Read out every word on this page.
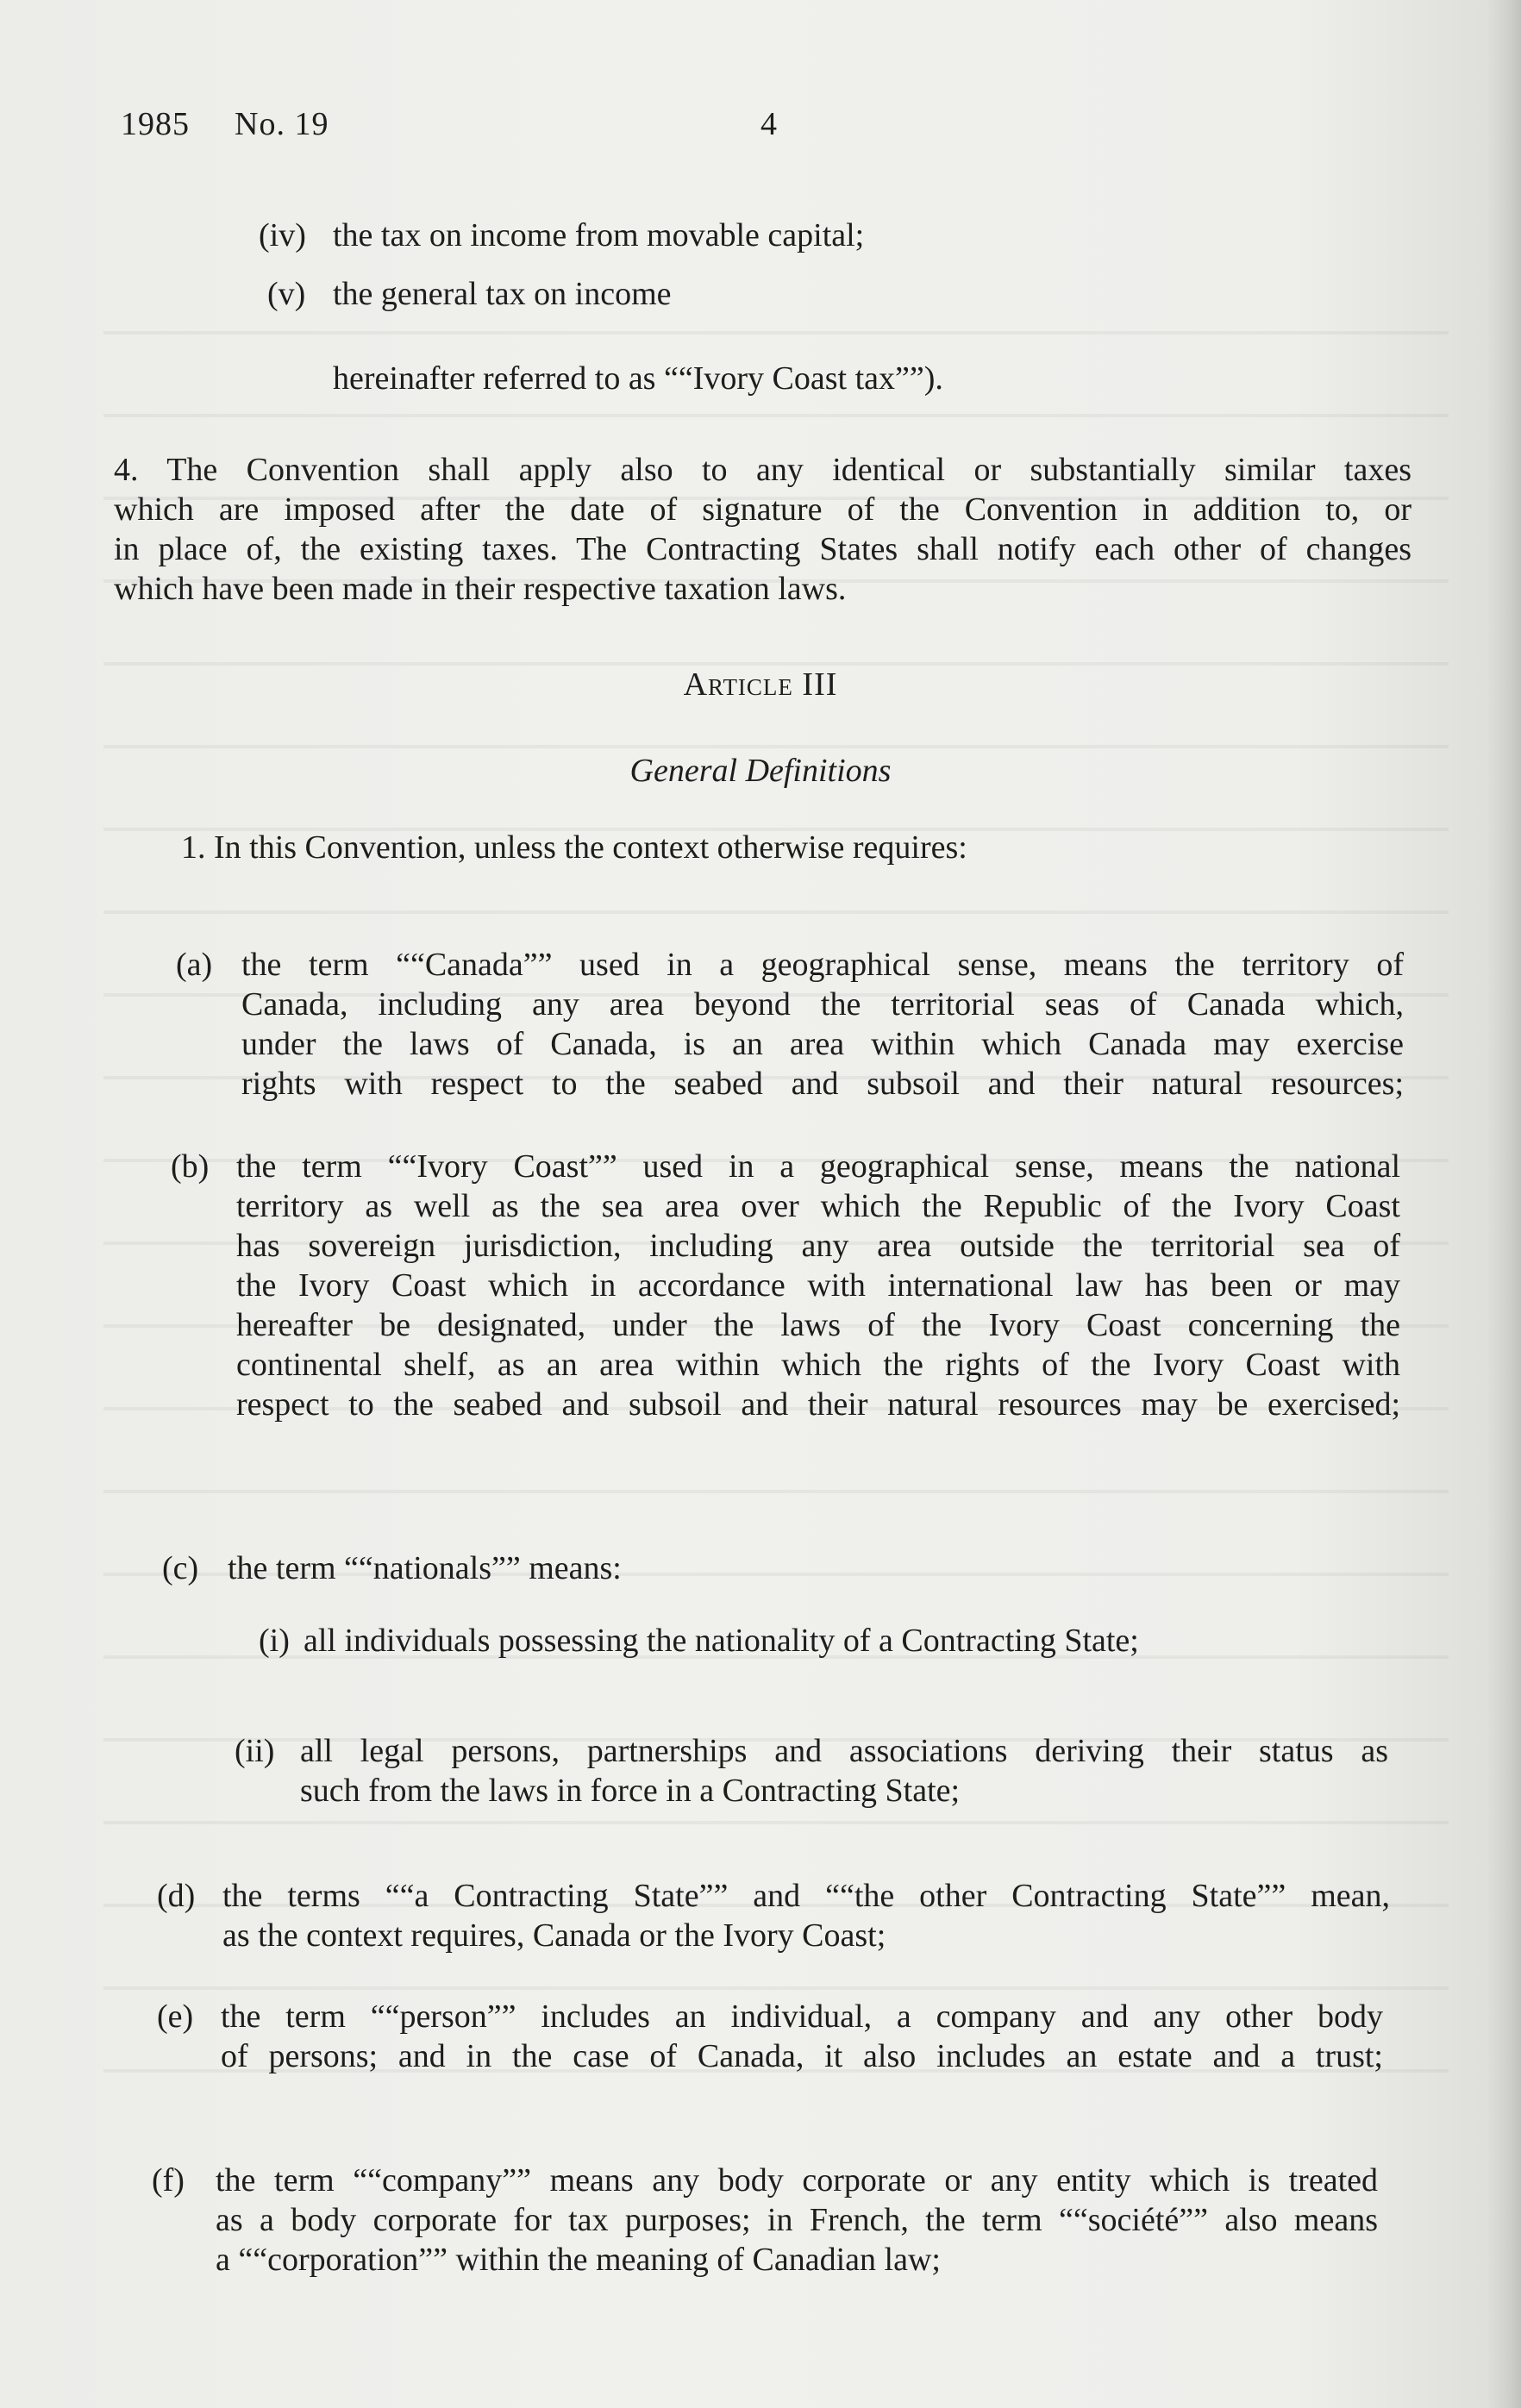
1985 No. 19	4
(iv) the tax on income from movable capital;
(v) the general tax on income
hereinafter referred to as ““Ivory Coast tax””).
4. The Convention shall apply also to any identical or substantially similar taxes
which are imposed after the date of signature of the Convention in addition to, or
in place of, the existing taxes. The Contracting States shall notify each other of changes
which have been made in their respective taxation laws.
Article III
General Definitions
1. In this Convention, unless the context otherwise requires:
(a) the term ““Canada”” used in a geographical sense, means the territory of
Canada, including any area beyond the territorial seas of Canada which,
under the laws of Canada, is an area within which Canada may exercise
rights with respect to the seabed and subsoil and their natural resources;
(b) the term ““Ivory Coast”” used in a geographical sense, means the national
territory as well as the sea area over which the Republic of the Ivory Coast
has sovereign jurisdiction, including any area outside the territorial sea of
the Ivory Coast which in accordance with international law has been or may
hereafter be designated, under the laws of the Ivory Coast concerning the
continental shelf, as an area within which the rights of the Ivory Coast with
respect to the seabed and subsoil and their natural resources may be exercised;
(c) the term ““nationals”” means:
(i) all individuals possessing the nationality of a Contracting State;
(ii) all legal persons, partnerships and associations deriving their status as
such from the laws in force in a Contracting State;
(d) the terms ““a Contracting State”” and ““the other Contracting State”” mean,
as the context requires, Canada or the Ivory Coast;
(e) the term ““person”” includes an individual, a company and any other body
of persons; and in the case of Canada, it also includes an estate and a trust;
(f) the term ““company”” means any body corporate or any entity which is treated
as a body corporate for tax purposes; in French, the term ““société”” also means
a ““corporation”” within the meaning of Canadian law;
